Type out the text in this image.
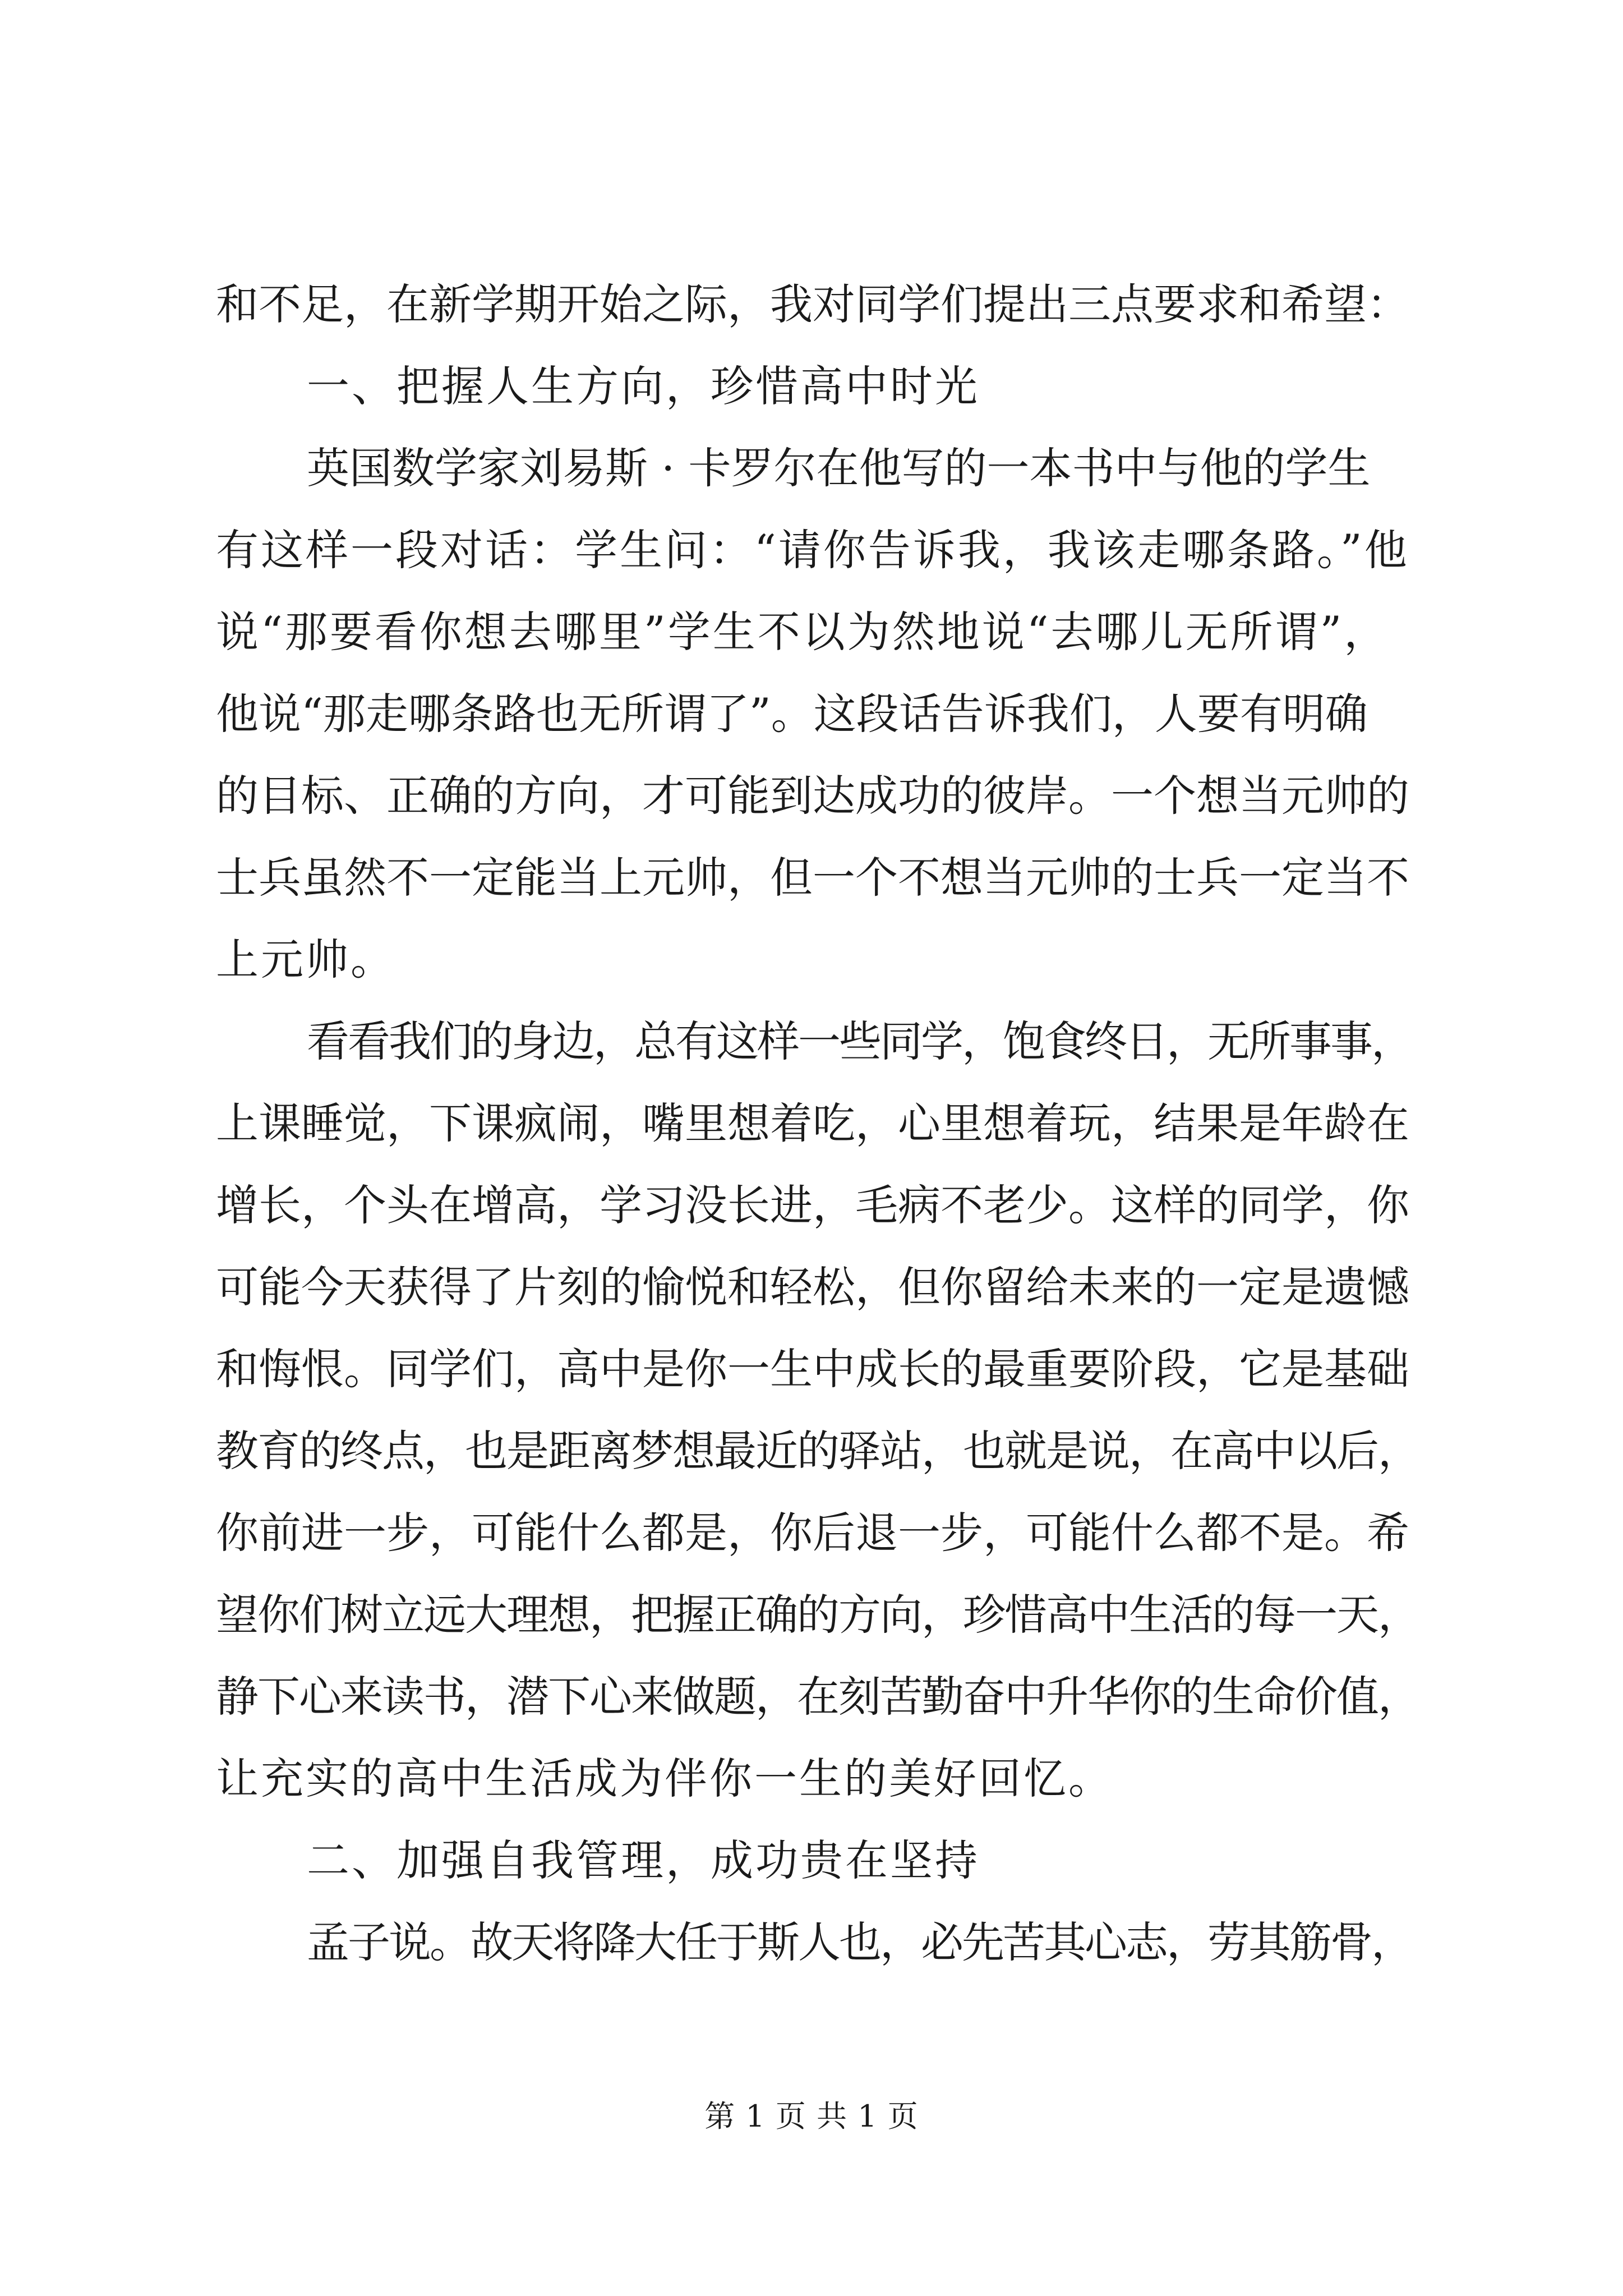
和不足，在新学期开始之际，我对同学们提出三点要求和希望：
一、把握人生方向，珍惜高中时光
英国数学家刘易斯 · 卡罗尔在他写的一本书中与他的学生
有这样一段对话：学生问：“请你告诉我，我该走哪条路。”他
说“那要看你想去哪里”学生不以为然地说“去哪儿无所谓”，
他说“那走哪条路也无所谓了”。这段话告诉我们，人要有明确
的目标、正确的方向，才可能到达成功的彼岸。一个想当元帅的
士兵虽然不一定能当上元帅，但一个不想当元帅的士兵一定当不
上元帅。
看看我们的身边，总有这样一些同学，饱食终日，无所事事，
上课睡觉，下课疯闹，嘴里想着吃，心里想着玩，结果是年龄在
增长，个头在增高，学习没长进，毛病不老少。这样的同学，你
可能今天获得了片刻的愉悦和轻松，但你留给未来的一定是遗憾
和悔恨。同学们，高中是你一生中成长的最重要阶段，它是基础
教育的终点，也是距离梦想最近的驿站，也就是说，在高中以后，
你前进一步，可能什么都是，你后退一步，可能什么都不是。希
望你们树立远大理想，把握正确的方向，珍惜高中生活的每一天，
静下心来读书，潜下心来做题，在刻苦勤奋中升华你的生命价值，
让充实的高中生活成为伴你一生的美好回忆。
二、加强自我管理，成功贵在坚持
孟子说。故天将降大任于斯人也，必先苦其心志，劳其筋骨，
第 1 页 共 1 页
